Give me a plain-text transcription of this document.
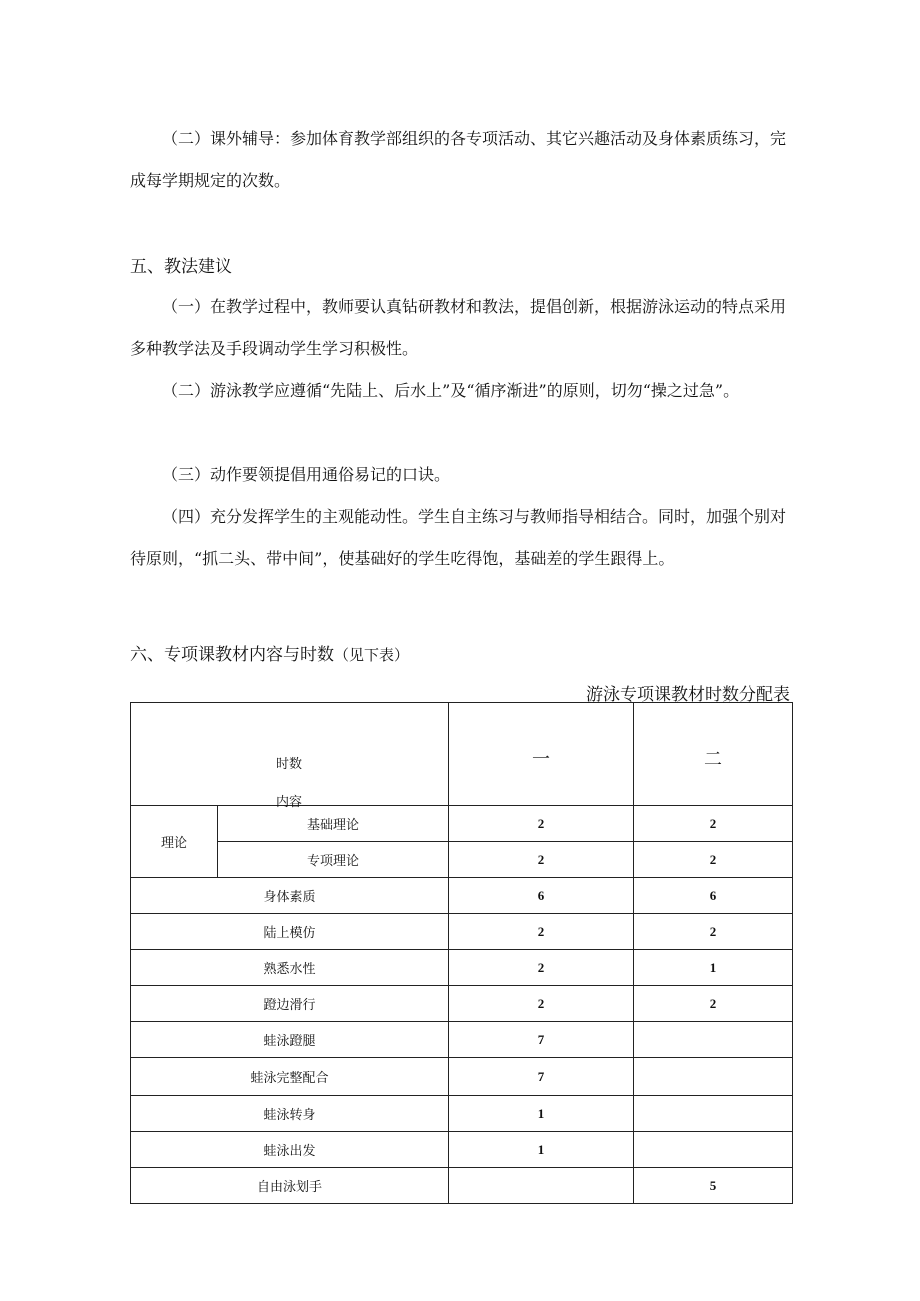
（二）课外辅导：参加体育教学部组织的各专项活动、其它兴趣活动及身体素质练习，完成每学期规定的次数。

五、教法建议

（一）在教学过程中，教师要认真钻研教材和教法，提倡创新，根据游泳运动的特点采用多种教学法及手段调动学生学习积极性。

（二）游泳教学应遵循“先陆上、后水上”及“循序渐进”的原则，切勿“操之过急”。

（三）动作要领提倡用通俗易记的口诀。

（四）充分发挥学生的主观能动性。学生自主练习与教师指导相结合。同时，加强个别对待原则，“抓二头、带中间”，使基础好的学生吃得饱，基础差的学生跟得上。

六、专项课教材内容与时数（见下表）

游泳专项课教材时数分配表

时数
内容		一	二
理论	基础理论	2	2
	专项理论	2	2
身体素质		6	6
陆上模仿		2	2
熟悉水性		2	1
蹬边滑行		2	2
蛙泳蹬腿		7	
蛙泳完整配合		7	
蛙泳转身		1	
蛙泳出发		1	
自由泳划手			5
